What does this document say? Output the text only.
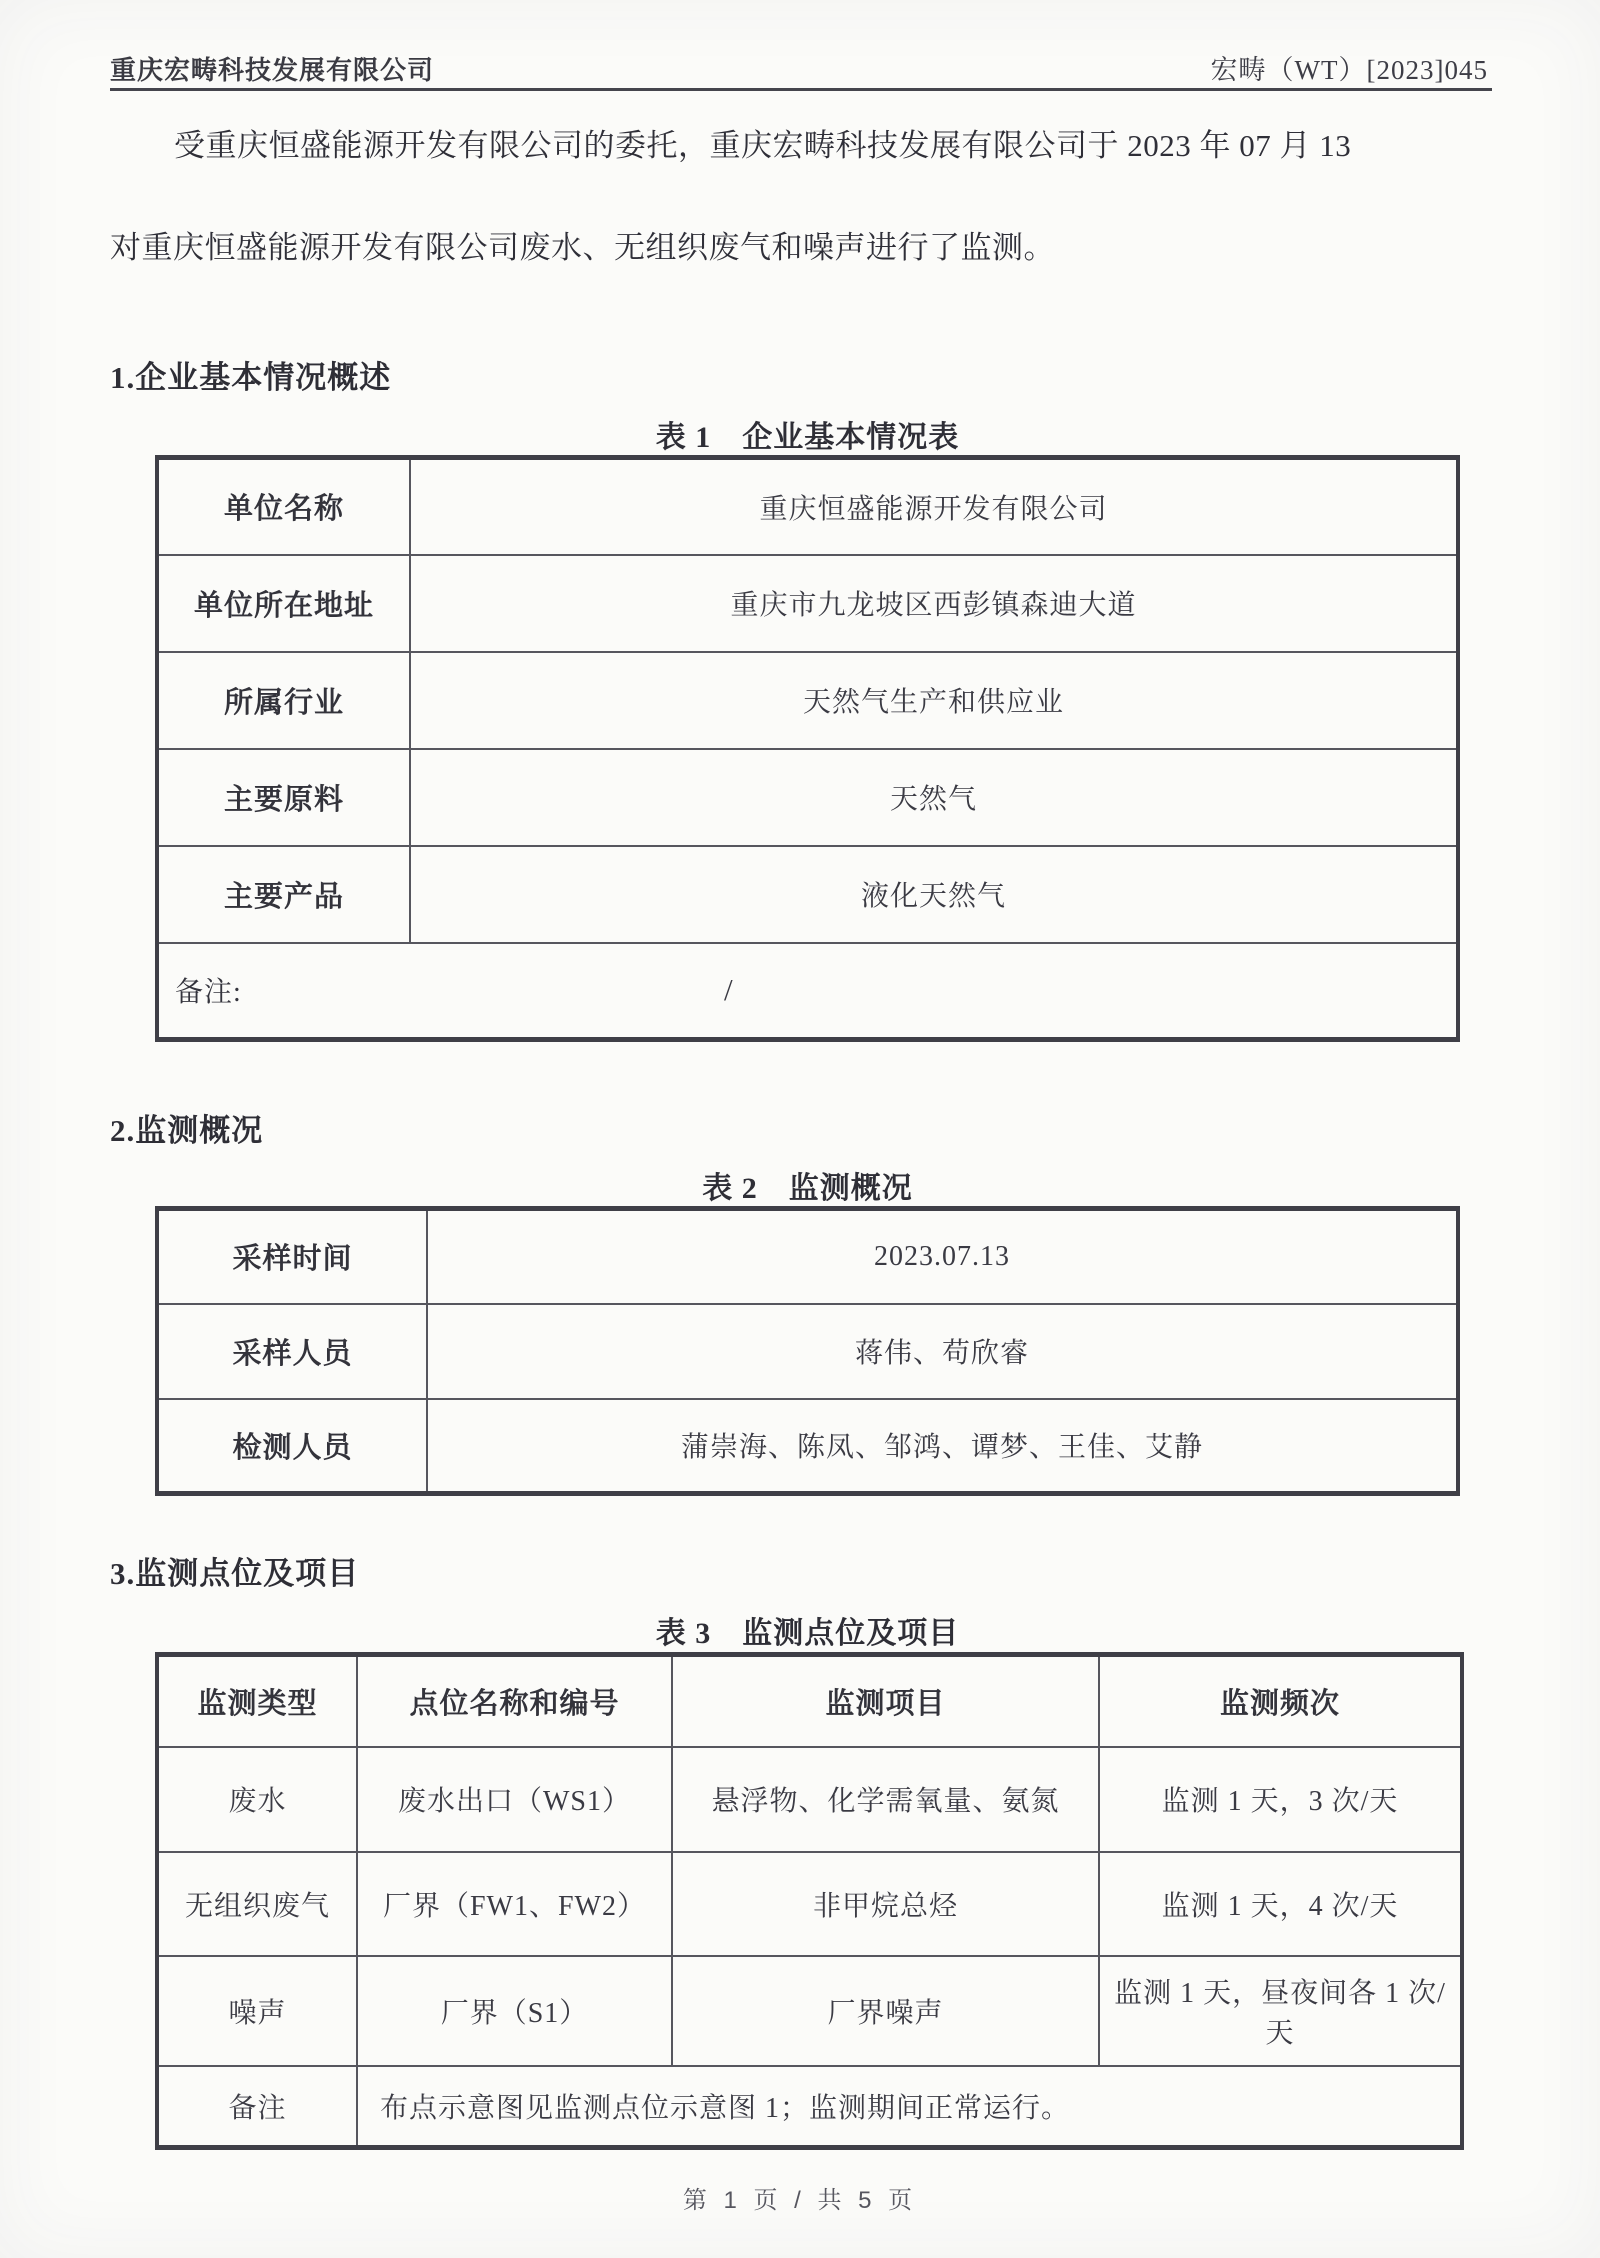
重庆宏畴科技发展有限公司	宏畴（WT）[2023]045
受重庆恒盛能源开发有限公司的委托，重庆宏畴科技发展有限公司于 2023 年 07 月 13
对重庆恒盛能源开发有限公司废水、无组织废气和噪声进行了监测。
1.企业基本情况概述
表 1　企业基本情况表
单位名称	重庆恒盛能源开发有限公司
单位所在地址	重庆市九龙坡区西彭镇森迪大道
所属行业	天然气生产和供应业
主要原料	天然气
主要产品	液化天然气
备注: /	
2.监测概况
表 2　监测概况
采样时间	2023.07.13
采样人员	蒋伟、苟欣睿
检测人员	蒲崇海、陈凤、邹鸿、谭梦、王佳、艾静
3.监测点位及项目
表 3　监测点位及项目
监测类型	点位名称和编号	监测项目	监测频次
废水	废水出口（WS1）	悬浮物、化学需氧量、氨氮	监测 1 天，3 次/天
无组织废气	厂界（FW1、FW2）	非甲烷总烃	监测 1 天，4 次/天
噪声	厂界（S1）	厂界噪声	监测 1 天，昼夜间各 1 次/天
备注	布点示意图见监测点位示意图 1；监测期间正常运行。		
第 1 页 / 共 5 页
